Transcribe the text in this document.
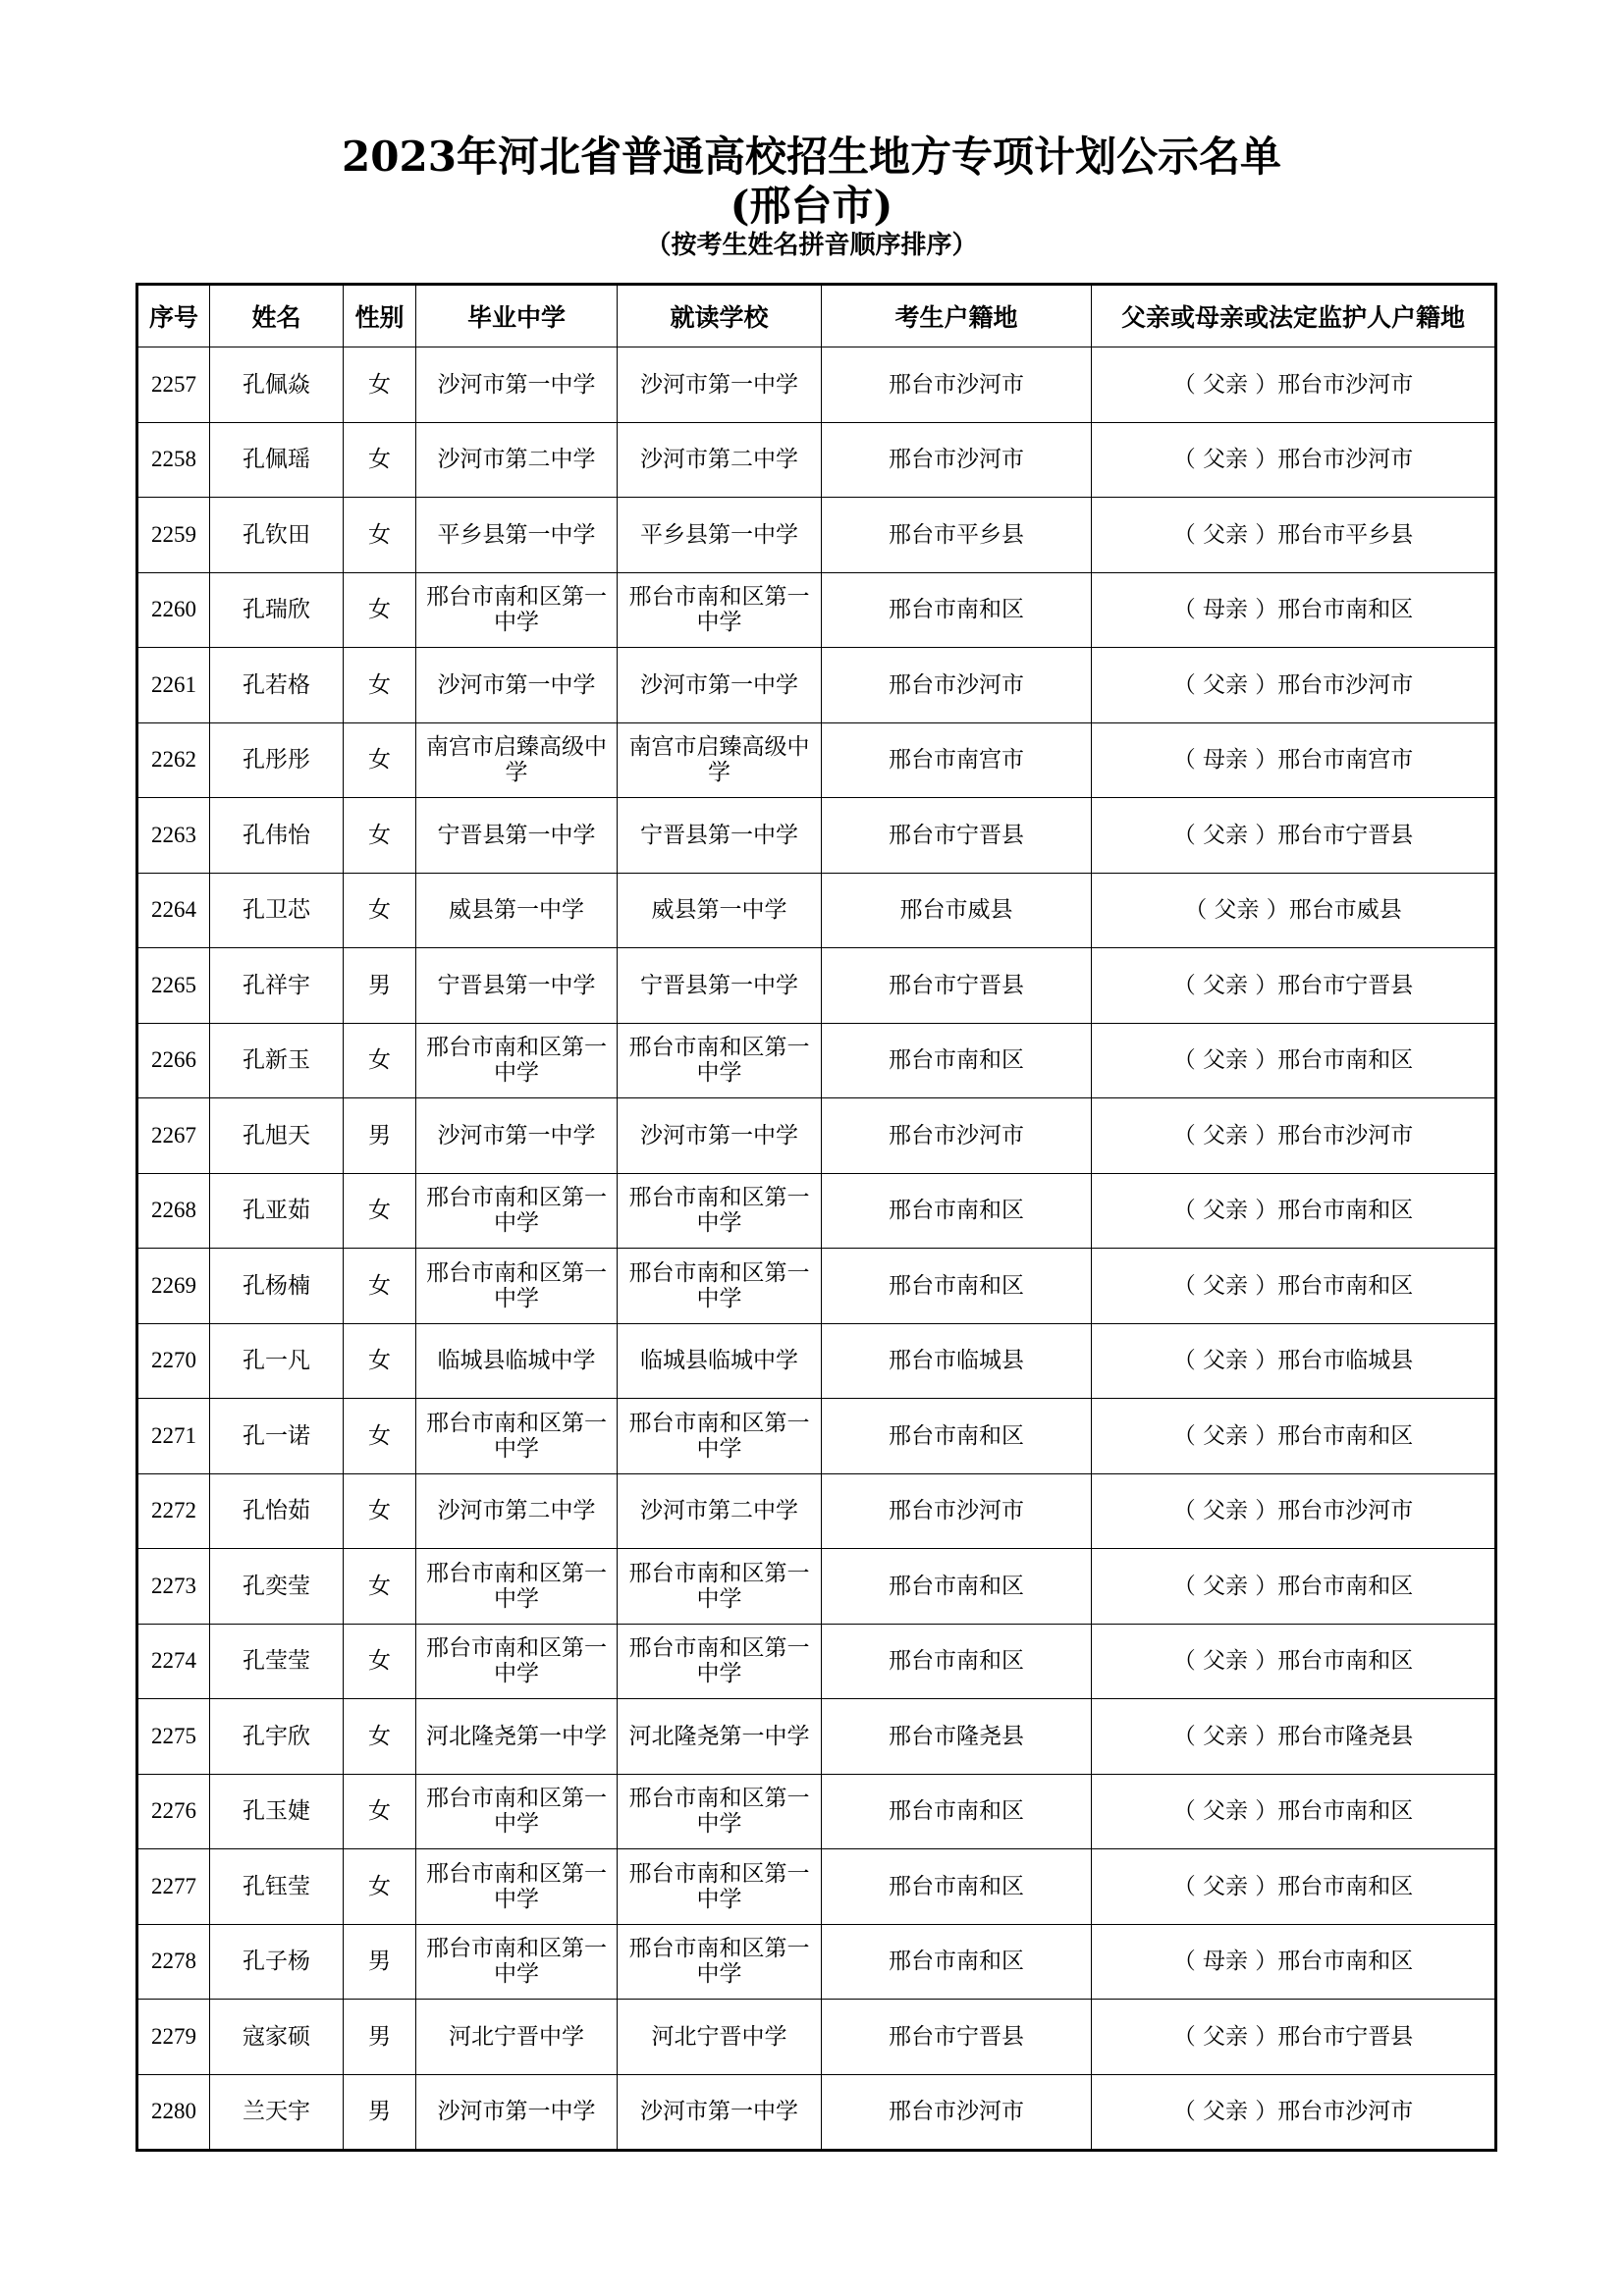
2023年河北省普通高校招生地方专项计划公示名单
(邢台市)
（按考生姓名拼音顺序排序）
序号	姓名	性别	毕业中学	就读学校	考生户籍地	父亲或母亲或法定监护人户籍地
2257	孔佩焱	女	沙河市第一中学	沙河市第一中学	邢台市沙河市	（ 父亲 ）邢台市沙河市
2258	孔佩瑶	女	沙河市第二中学	沙河市第二中学	邢台市沙河市	（ 父亲 ）邢台市沙河市
2259	孔钦田	女	平乡县第一中学	平乡县第一中学	邢台市平乡县	（ 父亲 ）邢台市平乡县
2260	孔瑞欣	女	邢台市南和区第一中学	邢台市南和区第一中学	邢台市南和区	（ 母亲 ）邢台市南和区
2261	孔若格	女	沙河市第一中学	沙河市第一中学	邢台市沙河市	（ 父亲 ）邢台市沙河市
2262	孔彤彤	女	南宫市启臻高级中学	南宫市启臻高级中学	邢台市南宫市	（ 母亲 ）邢台市南宫市
2263	孔伟怡	女	宁晋县第一中学	宁晋县第一中学	邢台市宁晋县	（ 父亲 ）邢台市宁晋县
2264	孔卫芯	女	威县第一中学	威县第一中学	邢台市威县	（ 父亲 ）邢台市威县
2265	孔祥宇	男	宁晋县第一中学	宁晋县第一中学	邢台市宁晋县	（ 父亲 ）邢台市宁晋县
2266	孔新玉	女	邢台市南和区第一中学	邢台市南和区第一中学	邢台市南和区	（ 父亲 ）邢台市南和区
2267	孔旭天	男	沙河市第一中学	沙河市第一中学	邢台市沙河市	（ 父亲 ）邢台市沙河市
2268	孔亚茹	女	邢台市南和区第一中学	邢台市南和区第一中学	邢台市南和区	（ 父亲 ）邢台市南和区
2269	孔杨楠	女	邢台市南和区第一中学	邢台市南和区第一中学	邢台市南和区	（ 父亲 ）邢台市南和区
2270	孔一凡	女	临城县临城中学	临城县临城中学	邢台市临城县	（ 父亲 ）邢台市临城县
2271	孔一诺	女	邢台市南和区第一中学	邢台市南和区第一中学	邢台市南和区	（ 父亲 ）邢台市南和区
2272	孔怡茹	女	沙河市第二中学	沙河市第二中学	邢台市沙河市	（ 父亲 ）邢台市沙河市
2273	孔奕莹	女	邢台市南和区第一中学	邢台市南和区第一中学	邢台市南和区	（ 父亲 ）邢台市南和区
2274	孔莹莹	女	邢台市南和区第一中学	邢台市南和区第一中学	邢台市南和区	（ 父亲 ）邢台市南和区
2275	孔宇欣	女	河北隆尧第一中学	河北隆尧第一中学	邢台市隆尧县	（ 父亲 ）邢台市隆尧县
2276	孔玉婕	女	邢台市南和区第一中学	邢台市南和区第一中学	邢台市南和区	（ 父亲 ）邢台市南和区
2277	孔钰莹	女	邢台市南和区第一中学	邢台市南和区第一中学	邢台市南和区	（ 父亲 ）邢台市南和区
2278	孔子杨	男	邢台市南和区第一中学	邢台市南和区第一中学	邢台市南和区	（ 母亲 ）邢台市南和区
2279	寇家硕	男	河北宁晋中学	河北宁晋中学	邢台市宁晋县	（ 父亲 ）邢台市宁晋县
2280	兰天宇	男	沙河市第一中学	沙河市第一中学	邢台市沙河市	（ 父亲 ）邢台市沙河市
